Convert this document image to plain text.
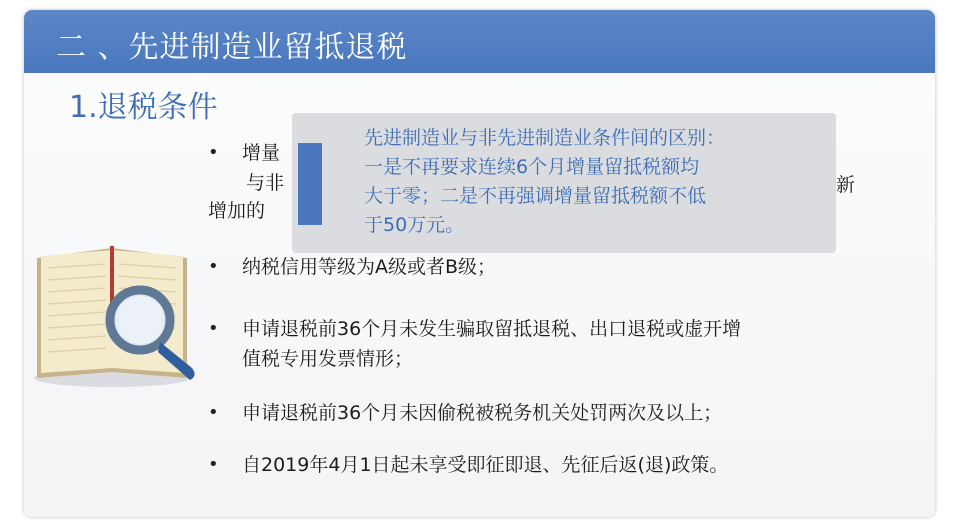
二 、先进制造业留抵退税
1.退税条件
• 增量
与非
增加的
新
先进制造业与非先进制造业条件间的区别：
一是不再要求连续6个月增量留抵税额均
大于零；二是不再强调增量留抵税额不低
于50万元。
• 纳税信用等级为A级或者B级；
• 申请退税前36个月未发生骗取留抵退税、出口退税或虚开增
值税专用发票情形；
• 申请退税前36个月未因偷税被税务机关处罚两次及以上；
• 自2019年4月1日起未享受即征即退、先征后返(退)政策。
